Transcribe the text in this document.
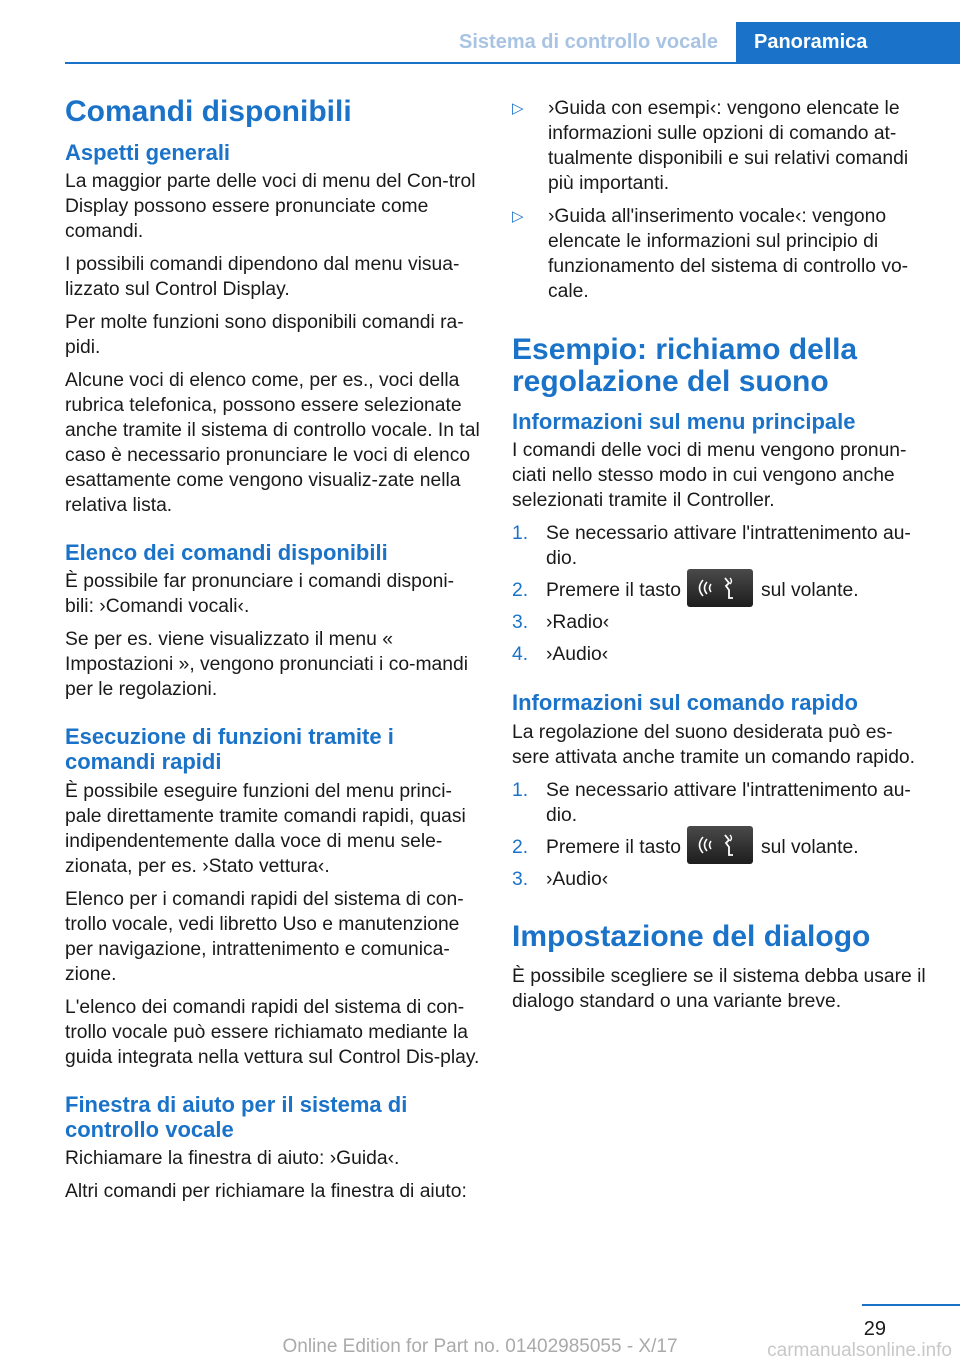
Sistema di controllo vocale	Panoramica
Comandi disponibili
Aspetti generali

La maggior parte delle voci di menu del Con-trol Display possono essere pronunciate come comandi.

I possibili comandi dipendono dal menu visua-lizzato sul Control Display.

Per molte funzioni sono disponibili comandi ra-pidi.

Alcune voci di elenco come, per es., voci della rubrica telefonica, possono essere selezionate anche tramite il sistema di controllo vocale. In tal caso è necessario pronunciare le voci di elenco esattamente come vengono visualiz-zate nella relativa lista.

Elenco dei comandi disponibili

È possibile far pronunciare i comandi disponi-bili: ›Comandi vocali‹.

Se per es. viene visualizzato il menu « Impostazioni », vengono pronunciati i co-mandi per le regolazioni.

Esecuzione di funzioni tramite i comandi rapidi

È possibile eseguire funzioni del menu princi-pale direttamente tramite comandi rapidi, quasi indipendentemente dalla voce di menu sele-zionata, per es. ›Stato vettura‹.

Elenco per i comandi rapidi del sistema di con-trollo vocale, vedi libretto Uso e manutenzione per navigazione, intrattenimento e comunica-zione.

L'elenco dei comandi rapidi del sistema di con-trollo vocale può essere richiamato mediante la guida integrata nella vettura sul Control Dis-play.

Finestra di aiuto per il sistema di controllo vocale

Richiamare la finestra di aiuto: ›Guida‹.

Altri comandi per richiamare la finestra di aiuto:

▷ ›Guida con esempi‹: vengono elencate le informazioni sulle opzioni di comando at-tualmente disponibili e sui relativi comandi più importanti.
▷ ›Guida all'inserimento vocale‹: vengono elencate le informazioni sul principio di funzionamento del sistema di controllo vo-cale.
Esempio: richiamo della regolazione del suono
Informazioni sul menu principale

I comandi delle voci di menu vengono pronun-ciati nello stesso modo in cui vengono anche selezionati tramite il Controller.

1. Se necessario attivare l'intrattenimento au-dio.
2. Premere il tasto	sul volante.
3. ›Radio‹
4. ›Audio‹
Informazioni sul comando rapido

La regolazione del suono desiderata può es-sere attivata anche tramite un comando rapido.

1. Se necessario attivare l'intrattenimento au-dio.
2. Premere il tasto	sul volante.
3. ›Audio‹
Impostazione del dialogo

È possibile scegliere se il sistema debba usare il dialogo standard o una variante breve.

29
Online Edition for Part no. 01402985055 - X/17	carmanualsonline.info
